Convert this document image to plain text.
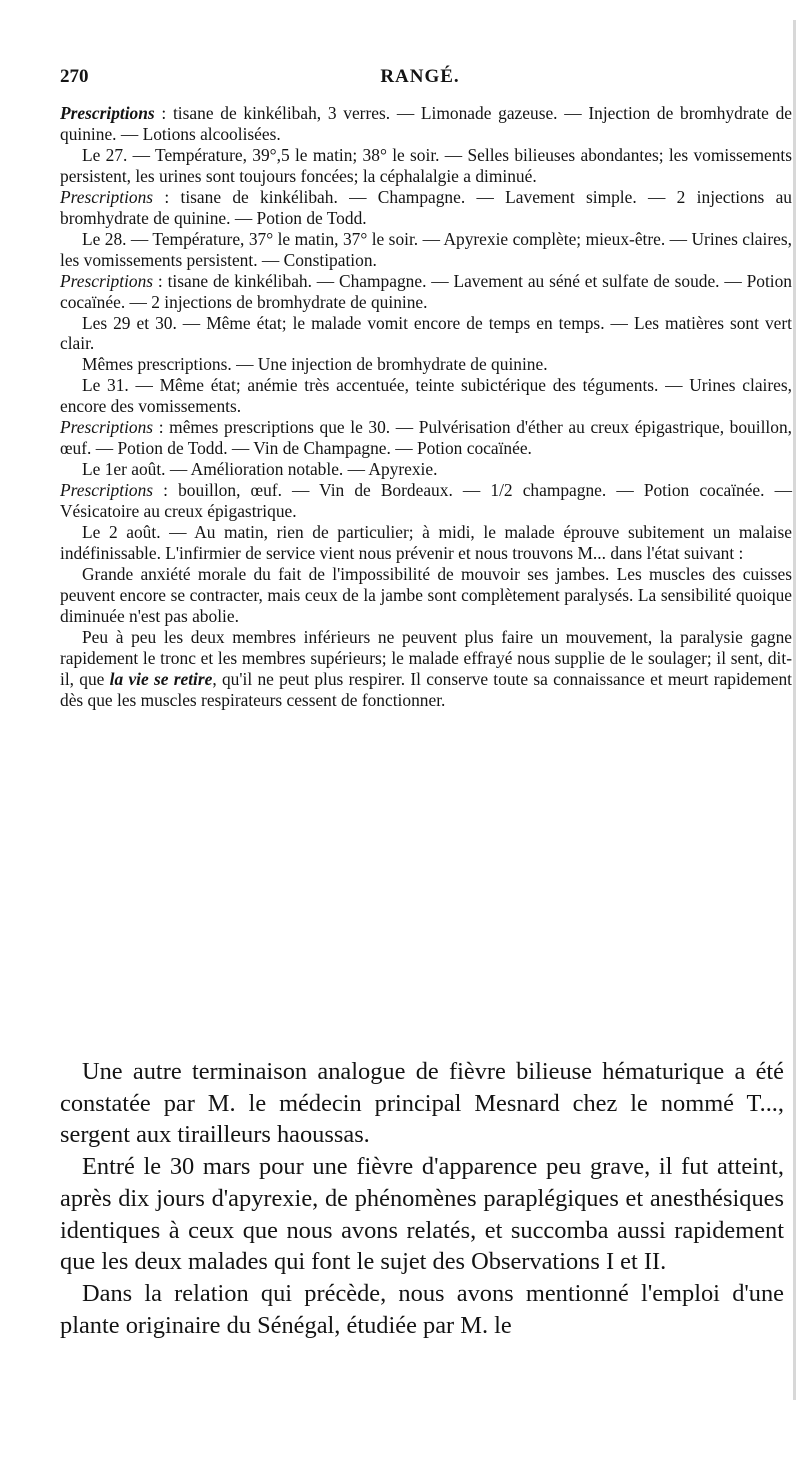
270	RANGÉ.

Prescriptions : tisane de kinkélibah, 3 verres. — Limonade gazeuse. — Injection de bromhydrate de quinine. — Lotions alcoolisées.

Le 27. — Température, 39°,5 le matin; 38° le soir. — Selles bilieuses abondantes; les vomissements persistent, les urines sont toujours foncées; la céphalalgie a diminué.

Prescriptions : tisane de kinkélibah. — Champagne. — Lavement simple. — 2 injections au bromhydrate de quinine. — Potion de Todd.

Le 28. — Température, 37° le matin, 37° le soir. — Apyrexie complète; mieux-être. — Urines claires, les vomissements persistent. — Constipation.

Prescriptions : tisane de kinkélibah. — Champagne. — Lavement au séné et sulfate de soude. — Potion cocaïnée. — 2 injections de bromhydrate de quinine.

Les 29 et 30. — Même état; le malade vomit encore de temps en temps. — Les matières sont vert clair.

Mêmes prescriptions. — Une injection de bromhydrate de quinine.

Le 31. — Même état; anémie très accentuée, teinte subictérique des téguments. — Urines claires, encore des vomissements.

Prescriptions : mêmes prescriptions que le 30. — Pulvérisation d'éther au creux épigastrique, bouillon, œuf. — Potion de Todd. — Vin de Champagne. — Potion cocaïnée.

Le 1er août. — Amélioration notable. — Apyrexie.

Prescriptions : bouillon, œuf. — Vin de Bordeaux. — 1/2 champagne. — Potion cocaïnée. — Vésicatoire au creux épigastrique.

Le 2 août. — Au matin, rien de particulier; à midi, le malade éprouve subitement un malaise indéfinissable. L'infirmier de service vient nous prévenir et nous trouvons M... dans l'état suivant :

Grande anxiété morale du fait de l'impossibilité de mouvoir ses jambes. Les muscles des cuisses peuvent encore se contracter, mais ceux de la jambe sont complètement paralysés. La sensibilité quoique diminuée n'est pas abolie.

Peu à peu les deux membres inférieurs ne peuvent plus faire un mouvement, la paralysie gagne rapidement le tronc et les membres supérieurs; le malade effrayé nous supplie de le soulager; il sent, dit-il, que la vie se retire, qu'il ne peut plus respirer. Il conserve toute sa connaissance et meurt rapidement dès que les muscles respirateurs cessent de fonctionner.

Une autre terminaison analogue de fièvre bilieuse hématurique a été constatée par M. le médecin principal Mesnard chez le nommé T..., sergent aux tirailleurs haoussas.

Entré le 30 mars pour une fièvre d'apparence peu grave, il fut atteint, après dix jours d'apyrexie, de phénomènes paraplégiques et anesthésiques identiques à ceux que nous avons relatés, et succomba aussi rapidement que les deux malades qui font le sujet des Observations I et II.

Dans la relation qui précède, nous avons mentionné l'emploi d'une plante originaire du Sénégal, étudiée par M. le
